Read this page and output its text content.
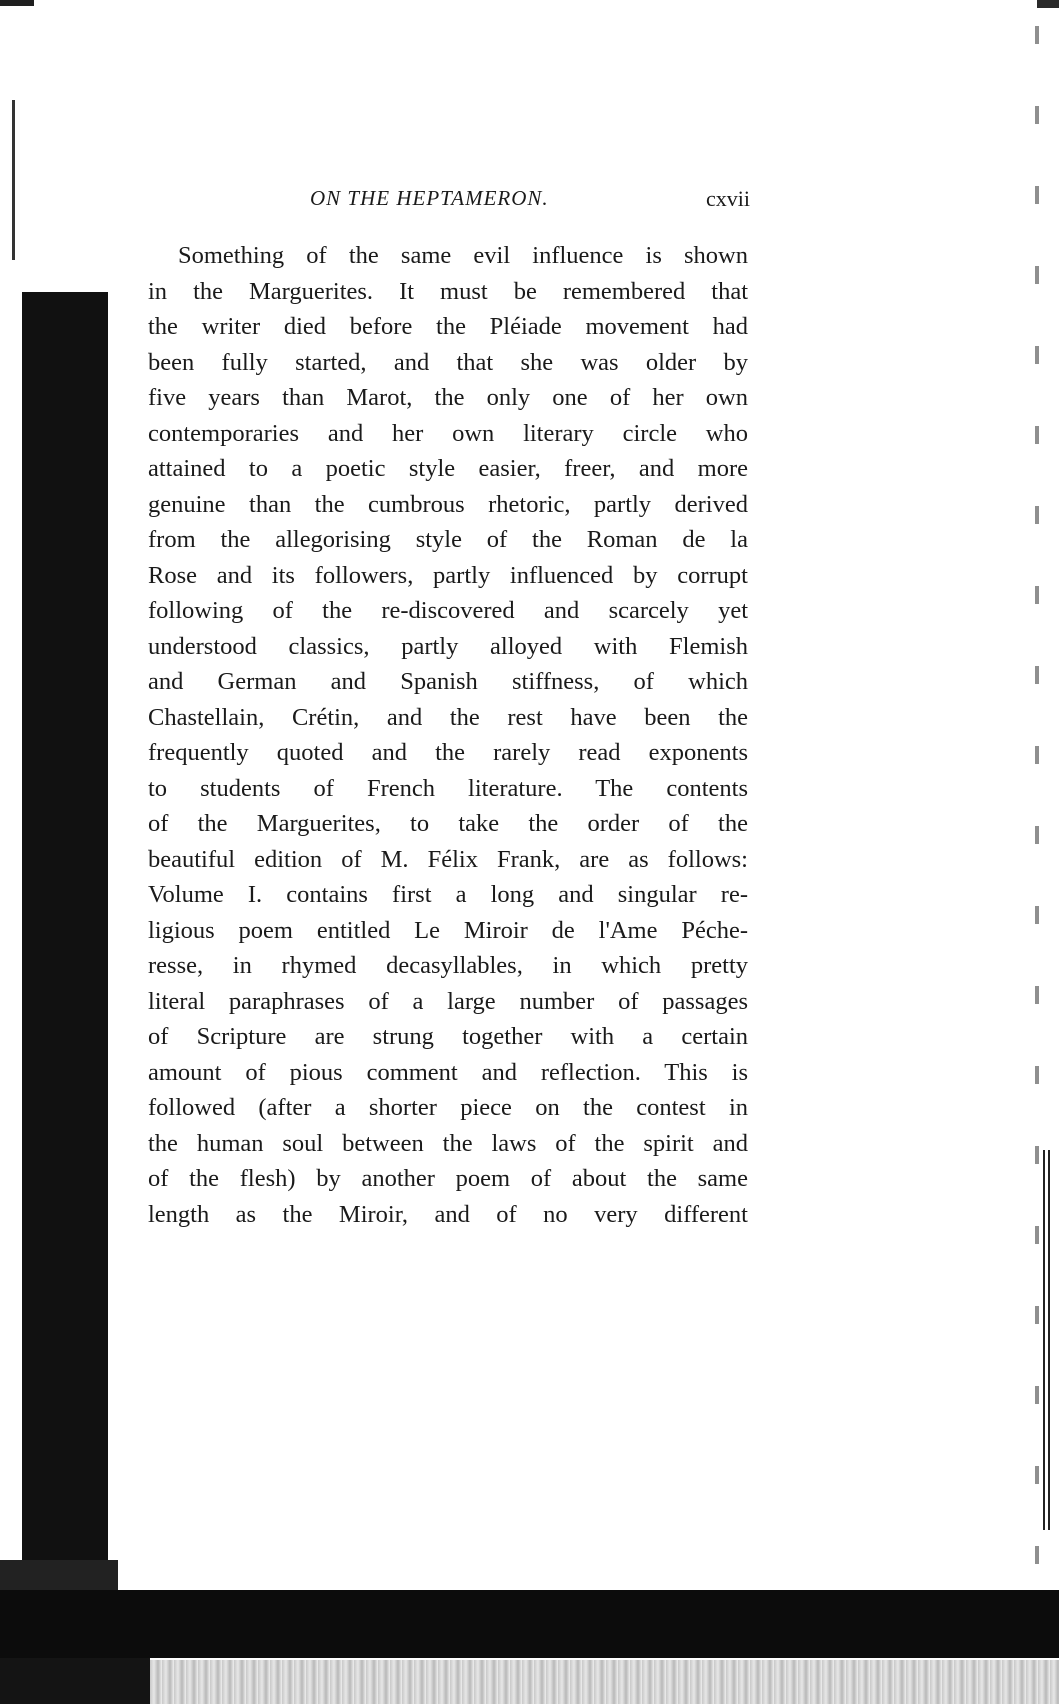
ON THE HEPTAMERON.	cxvii
Something of the same evil influence is shown
in the Marguerites. It must be remembered that
the writer died before the Pléiade movement had
been fully started, and that she was older by
five years than Marot, the only one of her own
contemporaries and her own literary circle who
attained to a poetic style easier, freer, and more
genuine than the cumbrous rhetoric, partly derived
from the allegorising style of the Roman de la
Rose and its followers, partly influenced by corrupt
following of the re-discovered and scarcely yet
understood classics, partly alloyed with Flemish
and German and Spanish stiffness, of which
Chastellain, Crétin, and the rest have been the
frequently quoted and the rarely read exponents
to students of French literature. The contents
of the Marguerites, to take the order of the
beautiful edition of M. Félix Frank, are as follows:
Volume I. contains first a long and singular re-
ligious poem entitled Le Miroir de l'Ame Péche-
resse, in rhymed decasyllables, in which pretty
literal paraphrases of a large number of passages
of Scripture are strung together with a certain
amount of pious comment and reflection. This is
followed (after a shorter piece on the contest in
the human soul between the laws of the spirit and
of the flesh) by another poem of about the same
length as the Miroir, and of no very different
